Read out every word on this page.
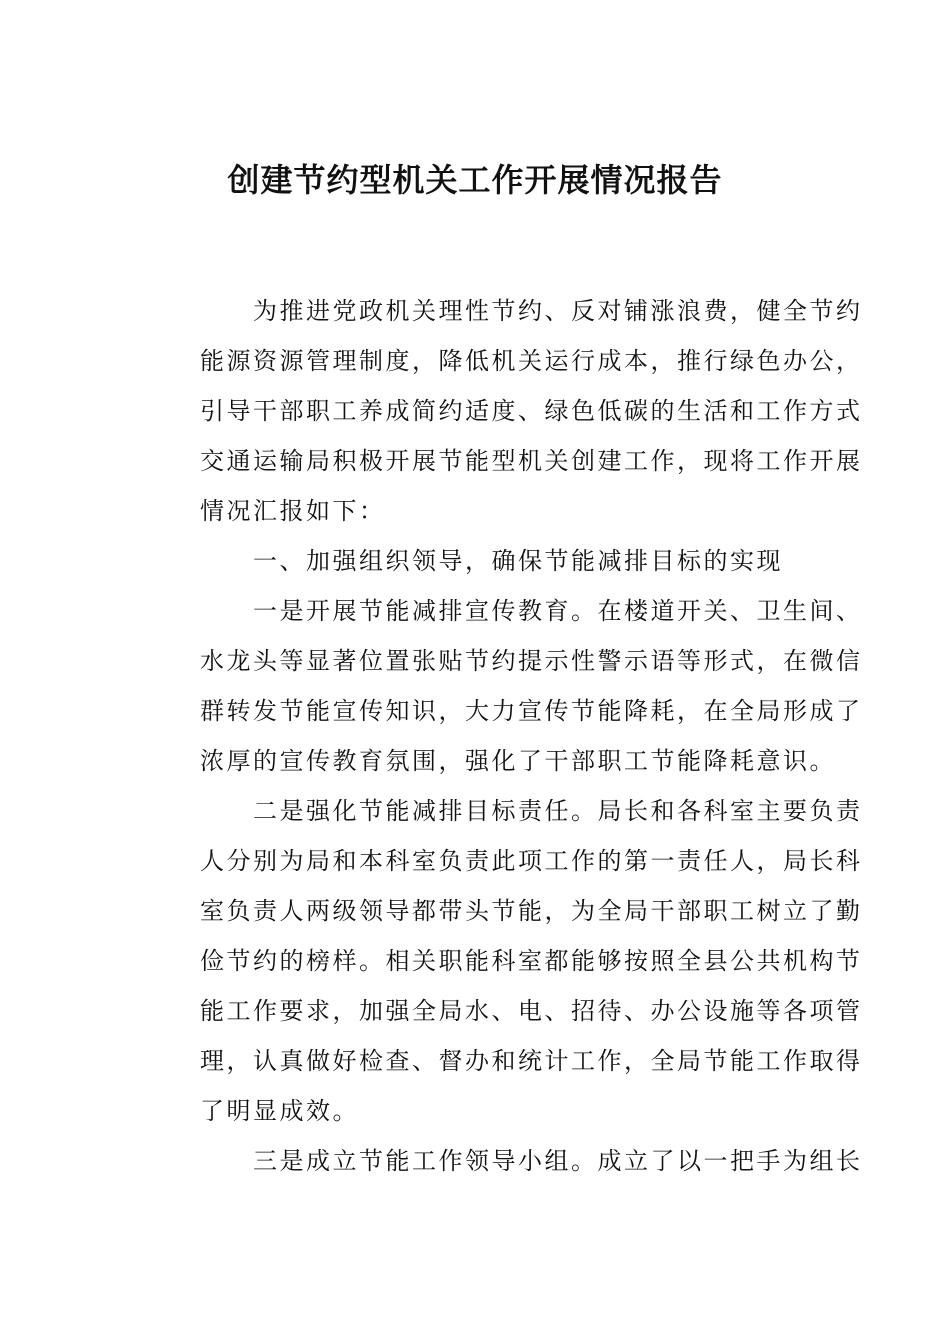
创建节约型机关工作开展情况报告
为推进党政机关理性节约、反对铺涨浪费，健全节约
能源资源管理制度，降低机关运行成本，推行绿色办公，
引导干部职工养成简约适度、绿色低碳的生活和工作方式
交通运输局积极开展节能型机关创建工作，现将工作开展
情况汇报如下：
一、加强组织领导，确保节能减排目标的实现
一是开展节能减排宣传教育。在楼道开关、卫生间、
水龙头等显著位置张贴节约提示性警示语等形式，在微信
群转发节能宣传知识，大力宣传节能降耗，在全局形成了
浓厚的宣传教育氛围，强化了干部职工节能降耗意识。
二是强化节能减排目标责任。局长和各科室主要负责
人分别为局和本科室负责此项工作的第一责任人，局长科
室负责人两级领导都带头节能，为全局干部职工树立了勤
俭节约的榜样。相关职能科室都能够按照全县公共机构节
能工作要求，加强全局水、电、招待、办公设施等各项管
理，认真做好检查、督办和统计工作，全局节能工作取得
了明显成效。
三是成立节能工作领导小组。成立了以一把手为组长
